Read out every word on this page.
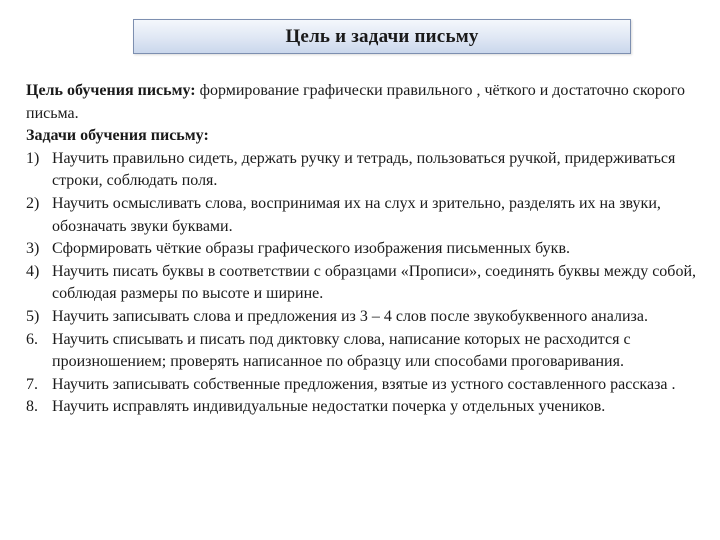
Цель и задачи письму

Цель обучения письму: формирование графически правильного , чёткого и достаточно скорого письма.

Задачи обучения письму:

1) Научить правильно сидеть, держать ручку и тетрадь, пользоваться ручкой, придерживаться строки, соблюдать поля.
2) Научить осмысливать слова, воспринимая их на слух и зрительно, разделять их на звуки, обозначать звуки буквами.
3) Сформировать чёткие образы графического изображения письменных букв.
4) Научить писать буквы в соответствии с образцами «Прописи», соединять буквы между собой, соблюдая размеры по высоте и ширине.
5) Научить записывать слова и предложения из 3 – 4 слов после звукобуквенного анализа.
6. Научить списывать и писать под диктовку слова, написание которых не расходится с произношением; проверять написанное по образцу или способами проговаривания.
7. Научить записывать собственные предложения, взятые из устного составленного рассказа .
8. Научить исправлять индивидуальные недостатки почерка у отдельных учеников.
